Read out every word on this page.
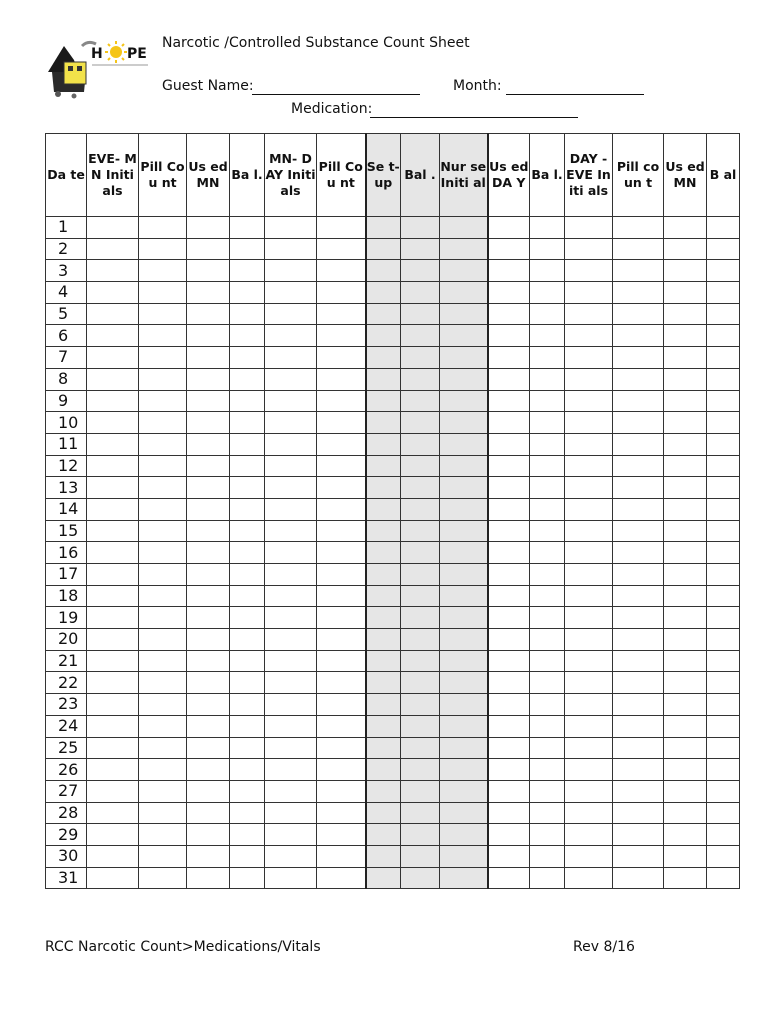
H PE
Narcotic /Controlled Substance Count Sheet
Guest Name:	Month:
Medication:
Da te	EVE- MN Initi als	Pill Cou nt	Us ed MN	Ba l.	MN- DAY Initi als	Pill Cou nt	Se t- up	Bal .	Nur se Initi al	Us ed DA Y	Ba l.	DAY - EVE Initi als	Pill coun t	Us ed MN	B al
1															
2															
3															
4															
5															
6															
7															
8															
9															
10															
11															
12															
13															
14															
15															
16															
17															
18															
19															
20															
21															
22															
23															
24															
25															
26															
27															
28															
29															
30															
31															
RCC Narcotic Count>Medications/Vitals	Rev 8/16
